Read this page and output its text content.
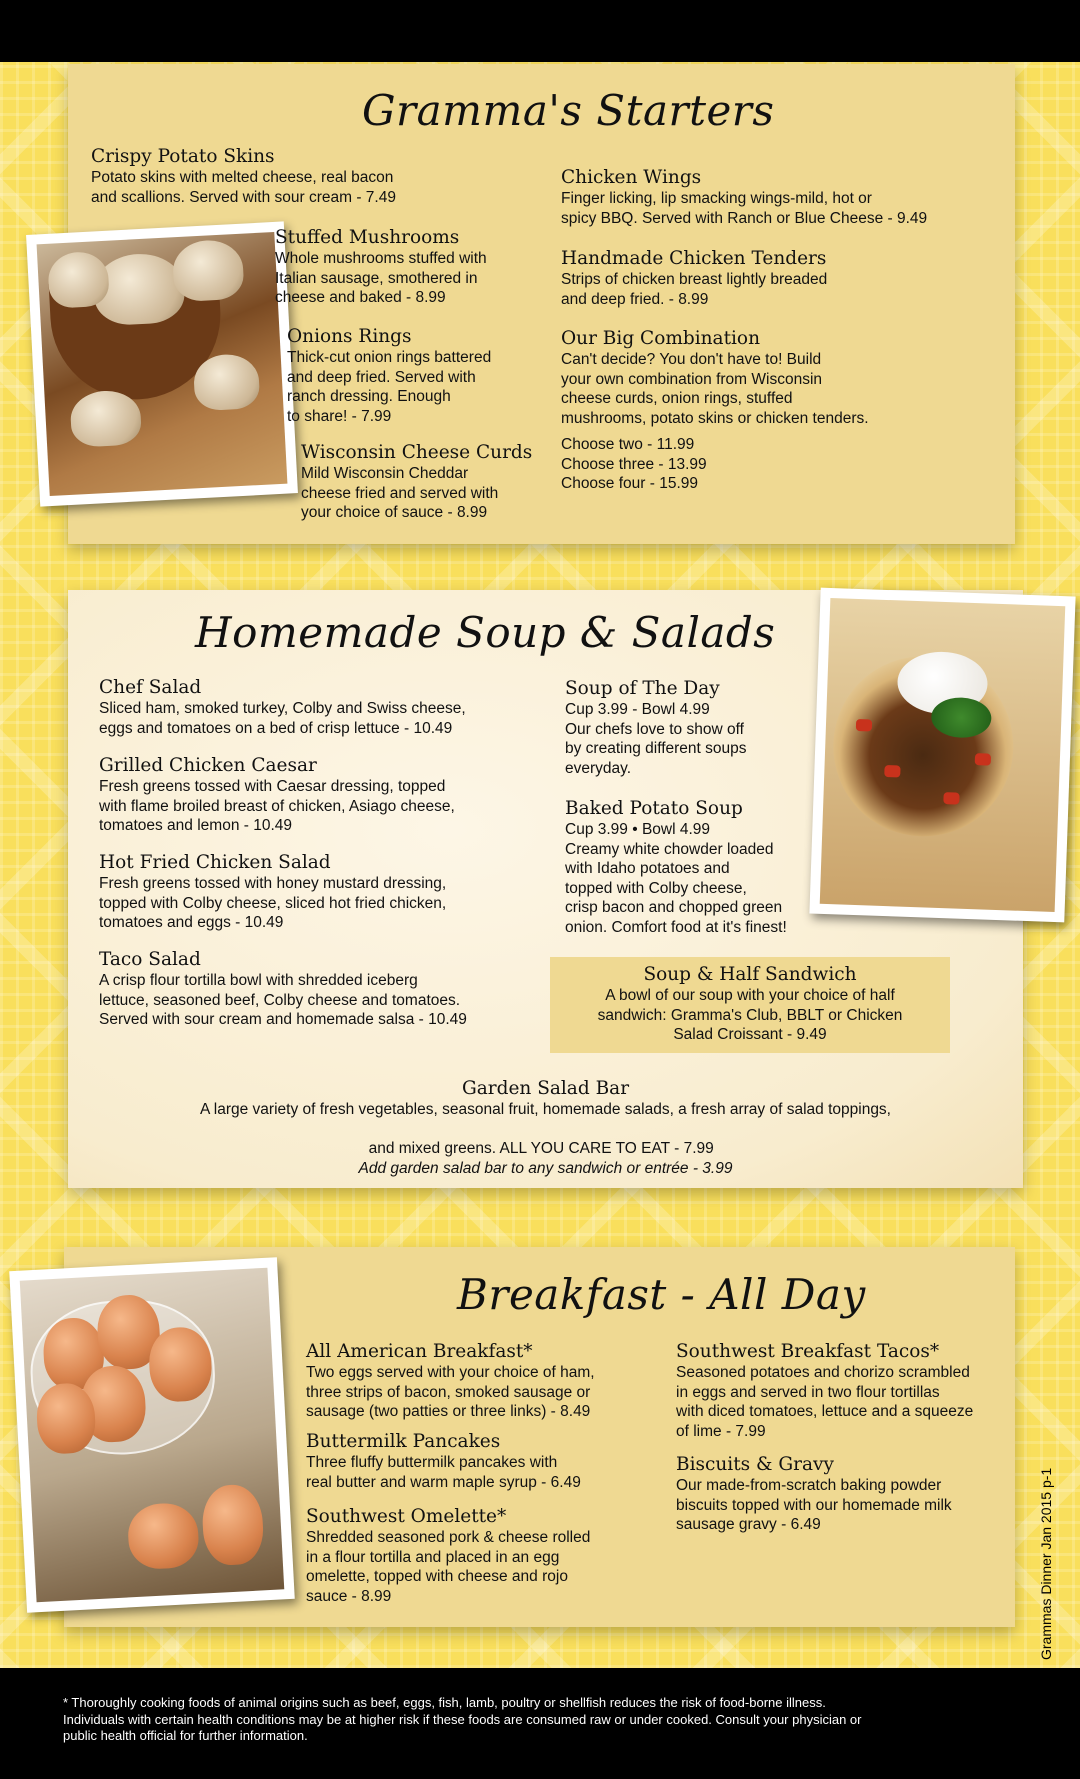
Gramma's Starters
Crispy Potato Skins
Potato skins with melted cheese, real bacon
and scallions. Served with sour cream - 7.49
Stuffed Mushrooms
Whole mushrooms stuffed with
Italian sausage, smothered in
cheese and baked - 8.99
Onions Rings
Thick-cut onion rings battered
and deep fried. Served with
ranch dressing. Enough
to share! - 7.99
Wisconsin Cheese Curds
Mild Wisconsin Cheddar
cheese fried and served with
your choice of sauce - 8.99
Chicken Wings
Finger licking, lip smacking wings-mild, hot or
spicy BBQ. Served with Ranch or Blue Cheese - 9.49
Handmade Chicken Tenders
Strips of chicken breast lightly breaded
and deep fried. - 8.99
Our Big Combination
Can't decide? You don't have to! Build
your own combination from Wisconsin
cheese curds, onion rings, stuffed
mushrooms, potato skins or chicken tenders.
Choose two - 11.99
Choose three - 13.99
Choose four - 15.99
Homemade Soup & Salads
Chef Salad
Sliced ham, smoked turkey, Colby and Swiss cheese,
eggs and tomatoes on a bed of crisp lettuce - 10.49
Grilled Chicken Caesar
Fresh greens tossed with Caesar dressing, topped
with flame broiled breast of chicken, Asiago cheese,
tomatoes and lemon - 10.49
Hot Fried Chicken Salad
Fresh greens tossed with honey mustard dressing,
topped with Colby cheese, sliced hot fried chicken,
tomatoes and eggs - 10.49
Taco Salad
A crisp flour tortilla bowl with shredded iceberg
lettuce, seasoned beef, Colby cheese and tomatoes.
Served with sour cream and homemade salsa - 10.49
Soup of The Day
Cup 3.99 - Bowl 4.99
Our chefs love to show off
by creating different soups
everyday.
Baked Potato Soup
Cup 3.99 • Bowl 4.99
Creamy white chowder loaded
with Idaho potatoes and
topped with Colby cheese,
crisp bacon and chopped green
onion. Comfort food at it's finest!
Soup & Half Sandwich
A bowl of our soup with your choice of half
sandwich: Gramma's Club, BBLT or Chicken
Salad Croissant - 9.49
Garden Salad Bar
A large variety of fresh vegetables, seasonal fruit, homemade salads, a fresh array of salad toppings,

and mixed greens. ALL YOU CARE TO EAT - 7.99
Add garden salad bar to any sandwich or entrée - 3.99

Breakfast - All Day
All American Breakfast*
Two eggs served with your choice of ham,
three strips of bacon, smoked sausage or
sausage (two patties or three links) - 8.49
Buttermilk Pancakes
Three fluffy buttermilk pancakes with
real butter and warm maple syrup - 6.49
Southwest Omelette*
Shredded seasoned pork & cheese rolled
in a flour tortilla and placed in an egg
omelette, topped with cheese and rojo
sauce - 8.99
Southwest Breakfast Tacos*
Seasoned potatoes and chorizo scrambled
in eggs and served in two flour tortillas
with diced tomatoes, lettuce and a squeeze
of lime - 7.99
Biscuits & Gravy
Our made-from-scratch baking powder
biscuits topped with our homemade milk
sausage gravy - 6.49	Grammas Dinner Jan 2015 p-1
* Thoroughly cooking foods of animal origins such as beef, eggs, fish, lamb, poultry or shellfish reduces the risk of food-borne illness.
Individuals with certain health conditions may be at higher risk if these foods are consumed raw or under cooked. Consult your physician or
public health official for further information.
